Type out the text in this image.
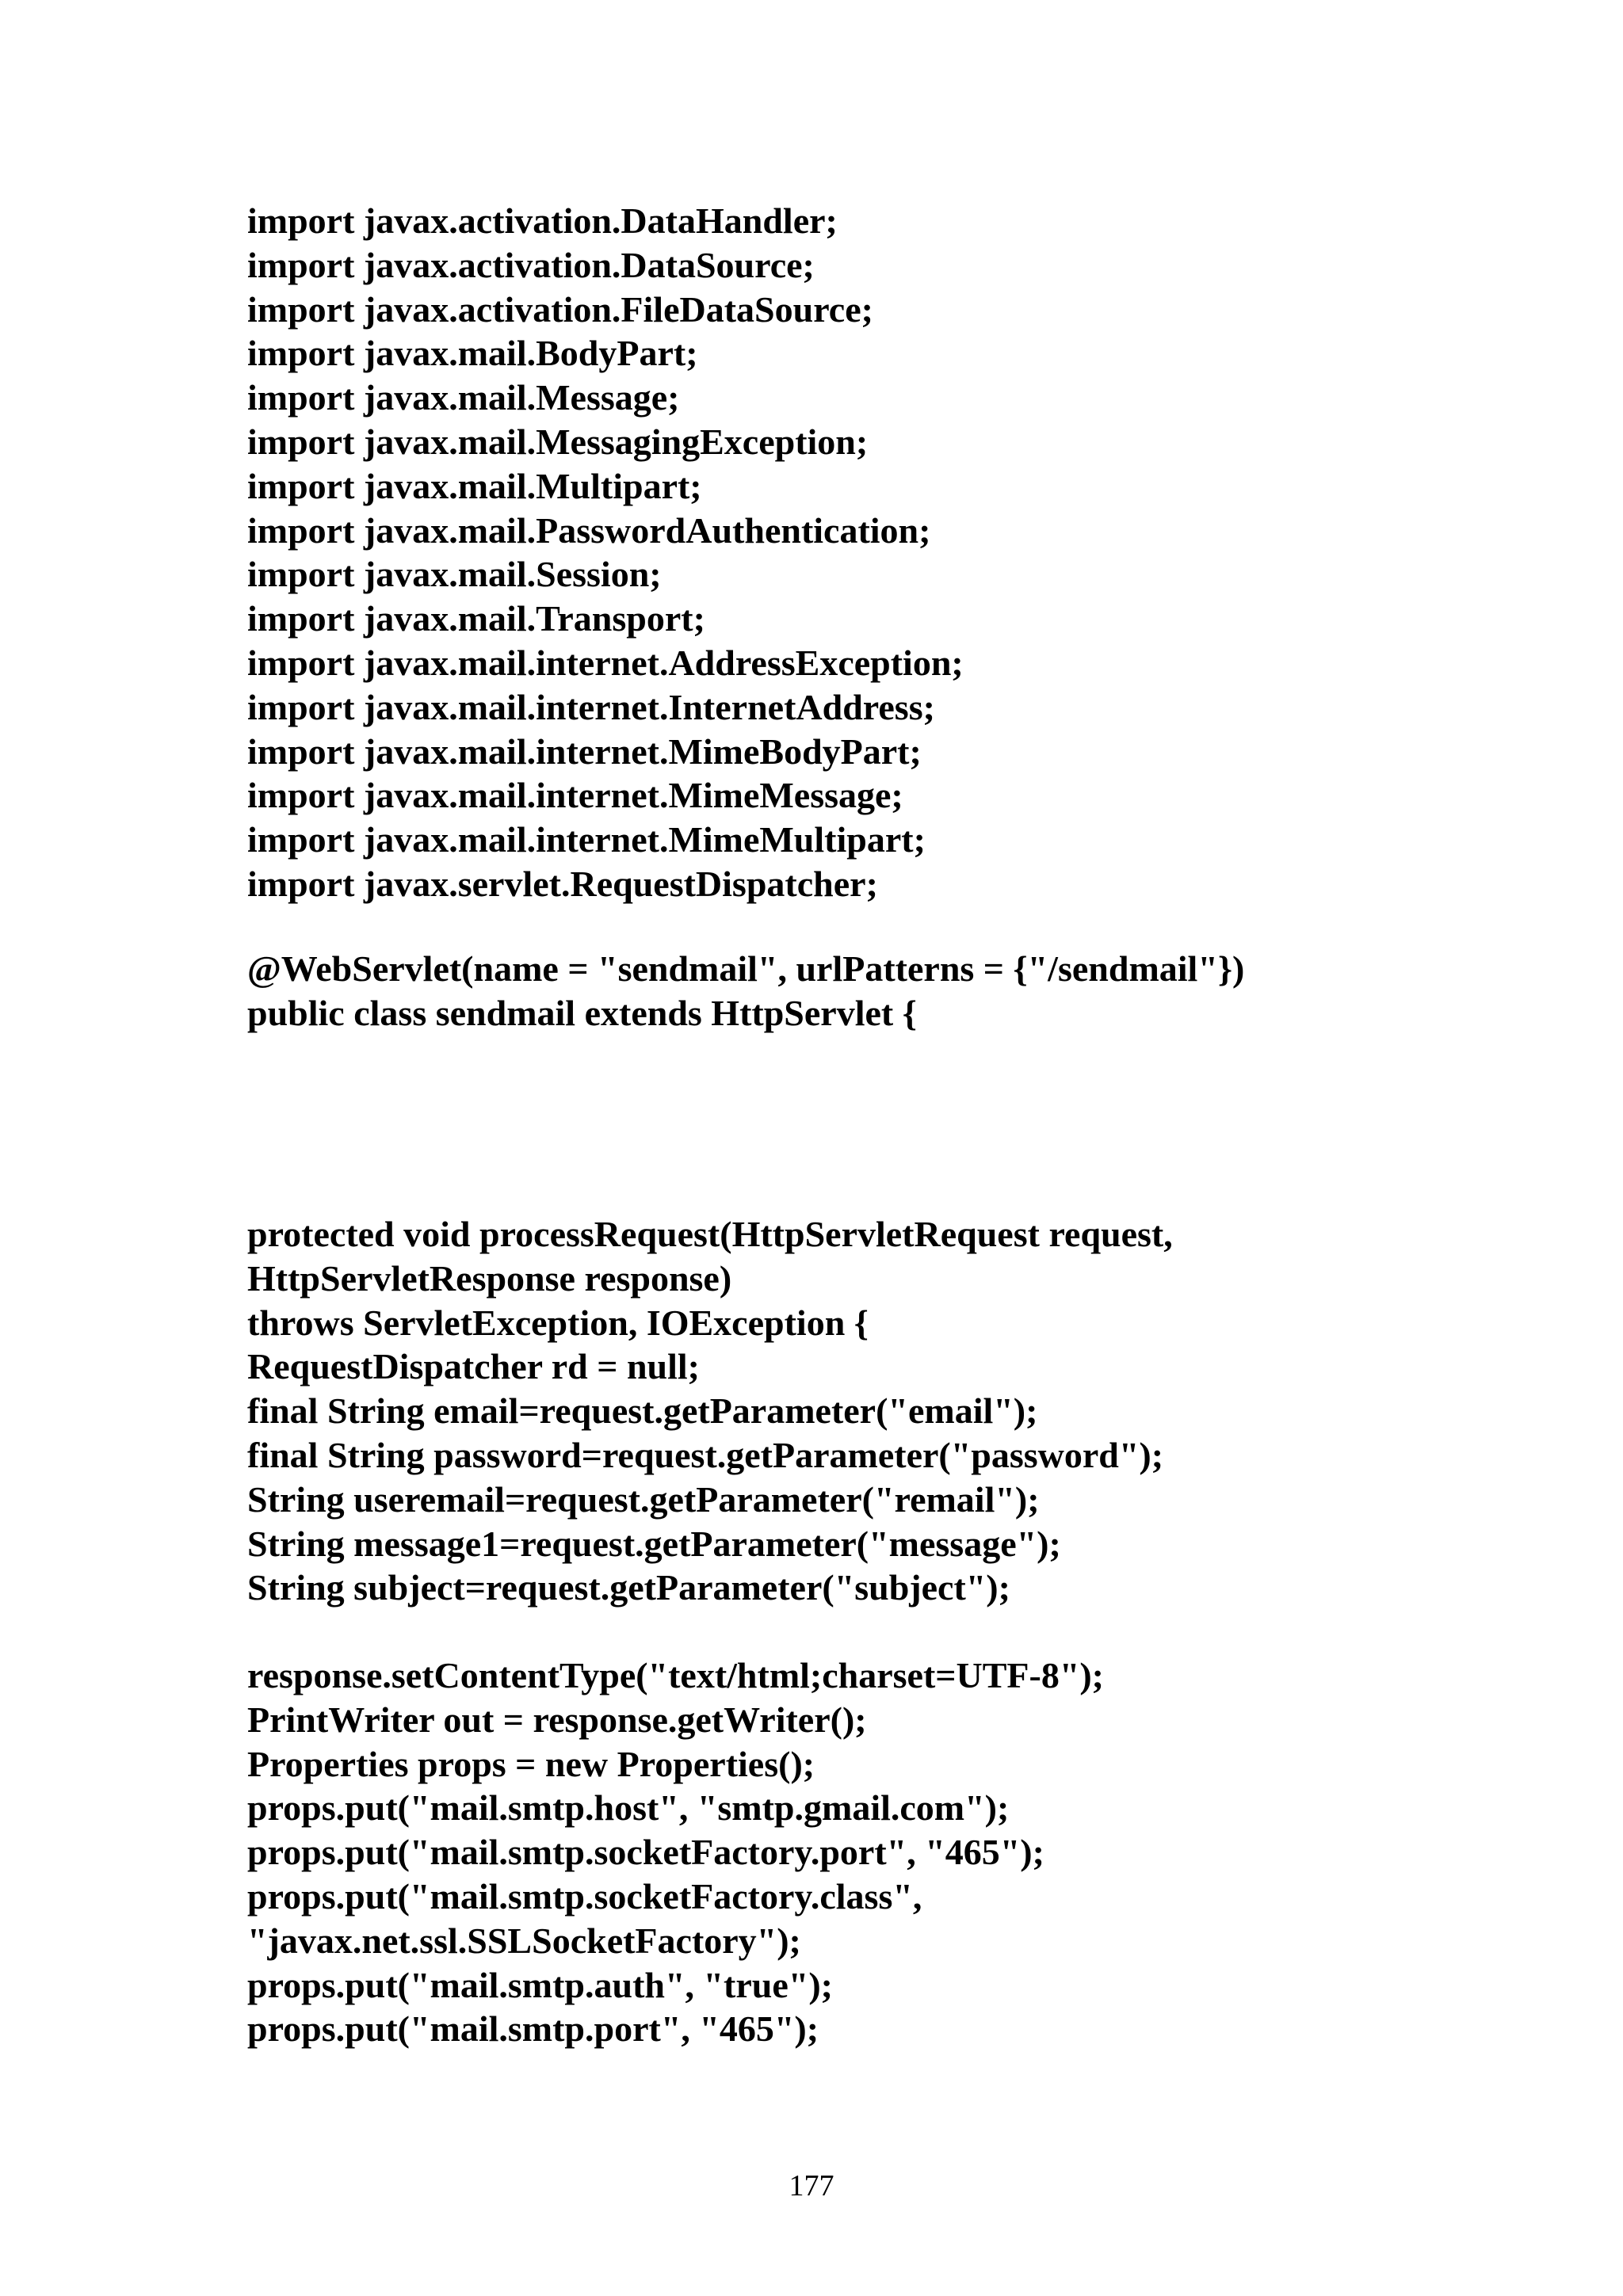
import javax.activation.DataHandler;
import javax.activation.DataSource;
import javax.activation.FileDataSource;
import javax.mail.BodyPart;
import javax.mail.Message;
import javax.mail.MessagingException;
import javax.mail.Multipart;
import javax.mail.PasswordAuthentication;
import javax.mail.Session;
import javax.mail.Transport;
import javax.mail.internet.AddressException;
import javax.mail.internet.InternetAddress;
import javax.mail.internet.MimeBodyPart;
import javax.mail.internet.MimeMessage;
import javax.mail.internet.MimeMultipart;
import javax.servlet.RequestDispatcher;
@WebServlet(name = "sendmail", urlPatterns = {"/sendmail"})
public class sendmail extends HttpServlet {
protected void processRequest(HttpServletRequest request,
HttpServletResponse response)
throws ServletException, IOException {
RequestDispatcher rd = null;
final String email=request.getParameter("email");
final String password=request.getParameter("password");
String useremail=request.getParameter("remail");
String message1=request.getParameter("message");
String subject=request.getParameter("subject");
response.setContentType("text/html;charset=UTF-8");
PrintWriter out = response.getWriter();
Properties props = new Properties();
props.put("mail.smtp.host", "smtp.gmail.com");
props.put("mail.smtp.socketFactory.port", "465");
props.put("mail.smtp.socketFactory.class",
"javax.net.ssl.SSLSocketFactory");
props.put("mail.smtp.auth", "true");
props.put("mail.smtp.port", "465");
177
